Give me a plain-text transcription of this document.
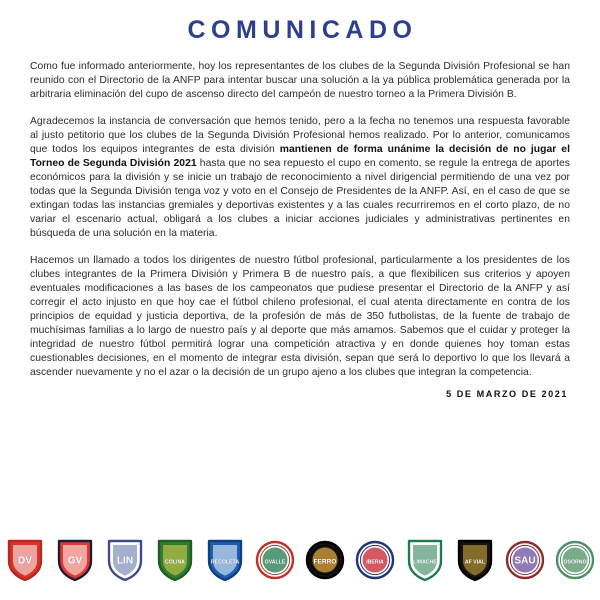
COMUNICADO

Como fue informado anteriormente, hoy los representantes de los clubes de la Segunda División Profesional se han reunido con el Directorio de la ANFP para intentar buscar una solución a la ya pública problemática generada por la arbitraria eliminación del cupo de ascenso directo del campeón de nuestro torneo a la Primera División B.

Agradecemos la instancia de conversación que hemos tenido, pero a la fecha no tenemos una respuesta favorable al justo petitorio que los clubes de la Segunda División Profesional hemos realizado. Por lo anterior, comunicamos que todos los equipos integrantes de esta división mantienen de forma unánime la decisión de no jugar el Torneo de Segunda División 2021 hasta que no sea repuesto el cupo en comento, se regule la entrega de aportes económicos para la división y se inicie un trabajo de reconocimiento a nivel dirigencial permitiendo de una vez por todas que la Segunda División tenga voz y voto en el Consejo de Presidentes de la ANFP. Así, en el caso de que se extingan todas las instancias gremiales y deportivas existentes y a las cuales recurriremos en el corto plazo, de no variar el escenario actual, obligará a los clubes a iniciar acciones judiciales y administrativas pertinentes en búsqueda de una solución en la materia.

Hacemos un llamado a todos los dirigentes de nuestro fútbol profesional, particularmente a los presidentes de los clubes integrantes de la Primera División y Primera B de nuestro país, a que flexibilicen sus criterios y apoyen eventuales modificaciones a las bases de los campeonatos que pudiese presentar el Directorio de la ANFP y así corregir el acto injusto en que hoy cae el fútbol chileno profesional, el cual atenta directamente en contra de los principios de equidad y justicia deportiva, de la profesión de más de 350 futbolistas, de la fuente de trabajo de muchísimas familias a lo largo de nuestro país y al deporte que más amamos. Sabemos que el cuidar y proteger la integridad de nuestro fútbol permitirá lograr una competición atractiva y en donde quienes hoy toman estas cuestionables decisiones, en el momento de integrar esta división, sepan que será lo deportivo lo que los llevará a ascender nuevamente y no el azar o la decisión de un grupo ajeno a los clubes que integran la competencia.

5 DE MARZO DE 2021
DV	GV	LIN	COLINA	RECOLETA	OVALLE	FERRO	IBERIA	LIMACHE	AF VIAL	SAU	OSORNO
